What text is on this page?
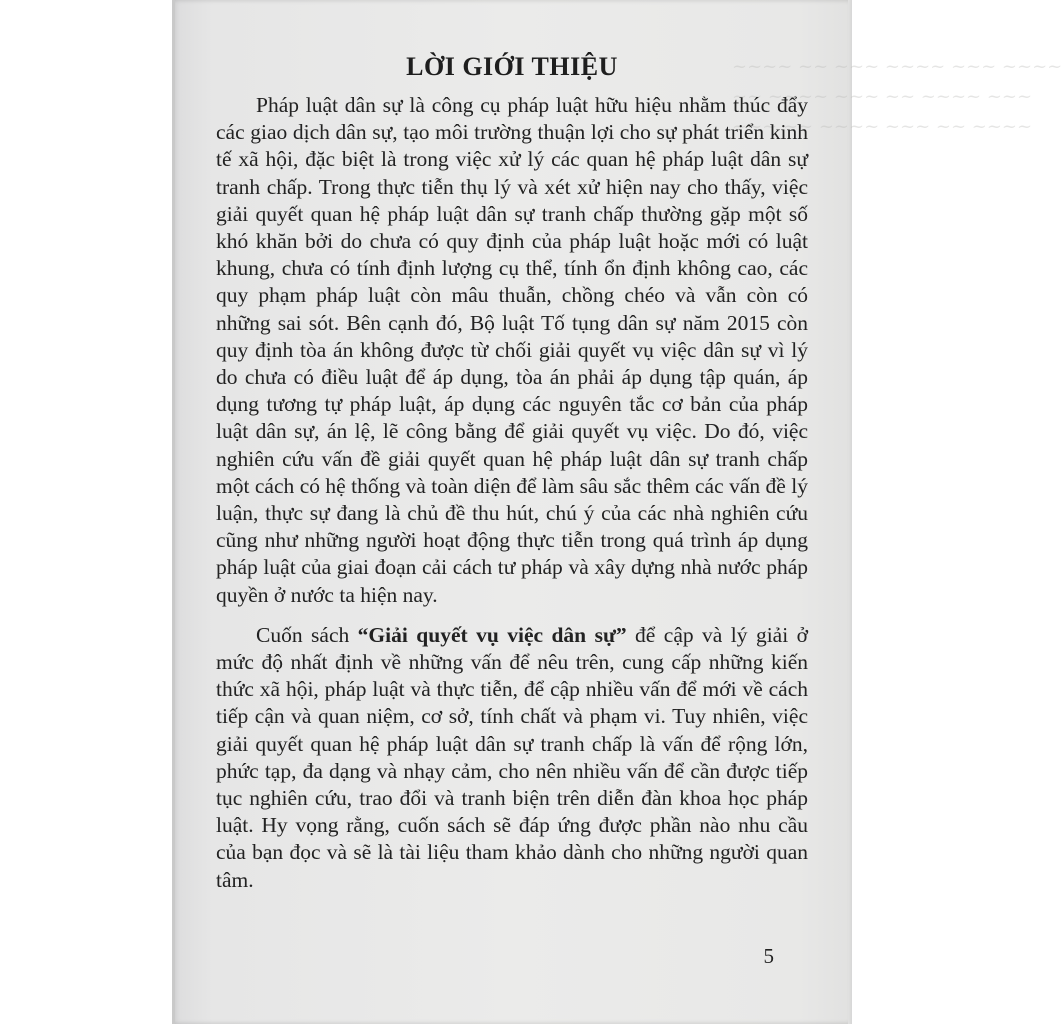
~~~~ ~~ ~~~ ~~~~ ~~~ ~~~~
~~ ~~~~ ~~~ ~~ ~~~~ ~~~
~~~ ~~ ~~~~ ~~~ ~~ ~~~~
LỜI GIỚI THIỆU

Pháp luật dân sự là công cụ pháp luật hữu hiệu nhằm thúc đẩy các giao dịch dân sự, tạo môi trường thuận lợi cho sự phát triển kinh tế xã hội, đặc biệt là trong việc xử lý các quan hệ pháp luật dân sự tranh chấp. Trong thực tiễn thụ lý và xét xử hiện nay cho thấy, việc giải quyết quan hệ pháp luật dân sự tranh chấp thường gặp một số khó khăn bởi do chưa có quy định của pháp luật hoặc mới có luật khung, chưa có tính định lượng cụ thể, tính ổn định không cao, các quy phạm pháp luật còn mâu thuẫn, chồng chéo và vẫn còn có những sai sót. Bên cạnh đó, Bộ luật Tố tụng dân sự năm 2015 còn quy định tòa án không được từ chối giải quyết vụ việc dân sự vì lý do chưa có điều luật để áp dụng, tòa án phải áp dụng tập quán, áp dụng tương tự pháp luật, áp dụng các nguyên tắc cơ bản của pháp luật dân sự, án lệ, lẽ công bằng để giải quyết vụ việc. Do đó, việc nghiên cứu vấn đề giải quyết quan hệ pháp luật dân sự tranh chấp một cách có hệ thống và toàn diện để làm sâu sắc thêm các vấn đề lý luận, thực sự đang là chủ đề thu hút, chú ý của các nhà nghiên cứu cũng như những người hoạt động thực tiễn trong quá trình áp dụng pháp luật của giai đoạn cải cách tư pháp và xây dựng nhà nước pháp quyền ở nước ta hiện nay.

Cuốn sách “Giải quyết vụ việc dân sự” để cập và lý giải ở mức độ nhất định về những vấn để nêu trên, cung cấp những kiến thức xã hội, pháp luật và thực tiễn, để cập nhiều vấn để mới về cách tiếp cận và quan niệm, cơ sở, tính chất và phạm vi. Tuy nhiên, việc giải quyết quan hệ pháp luật dân sự tranh chấp là vấn để rộng lớn, phức tạp, đa dạng và nhạy cảm, cho nên nhiều vấn để cần được tiếp tục nghiên cứu, trao đổi và tranh biện trên diễn đàn khoa học pháp luật. Hy vọng rằng, cuốn sách sẽ đáp ứng được phần nào nhu cầu của bạn đọc và sẽ là tài liệu tham khảo dành cho những người quan tâm.

5
